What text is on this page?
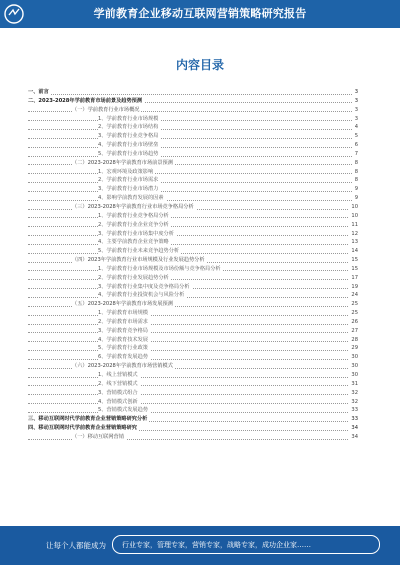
学前教育企业移动互联网营销策略研究报告
内容目录
一、前言	3
二、2023-2028年学前教育市场前景及趋势预测	3
（一）学前教育行业市场概况	3
1、学前教育行业市场规模	3
2、学前教育行业市场结构	4
3、学前教育行业竞争格局	5
4、学前教育行业市场壁垒	6
5、学前教育行业市场趋势	7
（二）2023-2028年学前教育市场前景预测	8
1、宏观环境及政策影响	8
2、学前教育行业市场需求	8
3、学前教育行业市场潜力	9
4、影响学前教育发展的因素	9
（三）2023-2028年学前教育行业市场竞争格局分析	10
1、学前教育行业竞争格局分析	10
2、学前教育行业企业竞争分析	11
3、学前教育行业市场集中度分析	12
4、主要学前教育企业竞争策略	13
5、学前教育行业未来竞争趋势分析	14
（四）2023年学前教育行业市场规模及行业发展趋势分析	15
1、学前教育行业市场规模及市场份额与竞争格局分析	15
2、学前教育行业发展趋势分析	17
3、学前教育行业集中度及竞争格局分析	19
4、学前教育行业投资机会与风险分析	24
（五）2023-2028年学前教育市场发展预测	25
1、学前教育市场规模	25
2、学前教育市场需求	26
3、学前教育竞争格局	27
4、学前教育技术发展	28
5、学前教育行业政策	29
6、学前教育发展趋势	30
（六）2023-2028年学前教育市场营销模式	30
1、线上营销模式	30
2、线下营销模式	31
3、营销模式组合	32
4、营销模式创新	32
5、营销模式发展趋势	33
三、移动互联网时代学前教育企业营销策略研究分析	33
四、移动互联网时代学前教育企业营销策略研究	34
（一）移动互联网营销	34
让每个人都能成为 行业专家，管理专家，营销专家，战略专家，成功企业家……
